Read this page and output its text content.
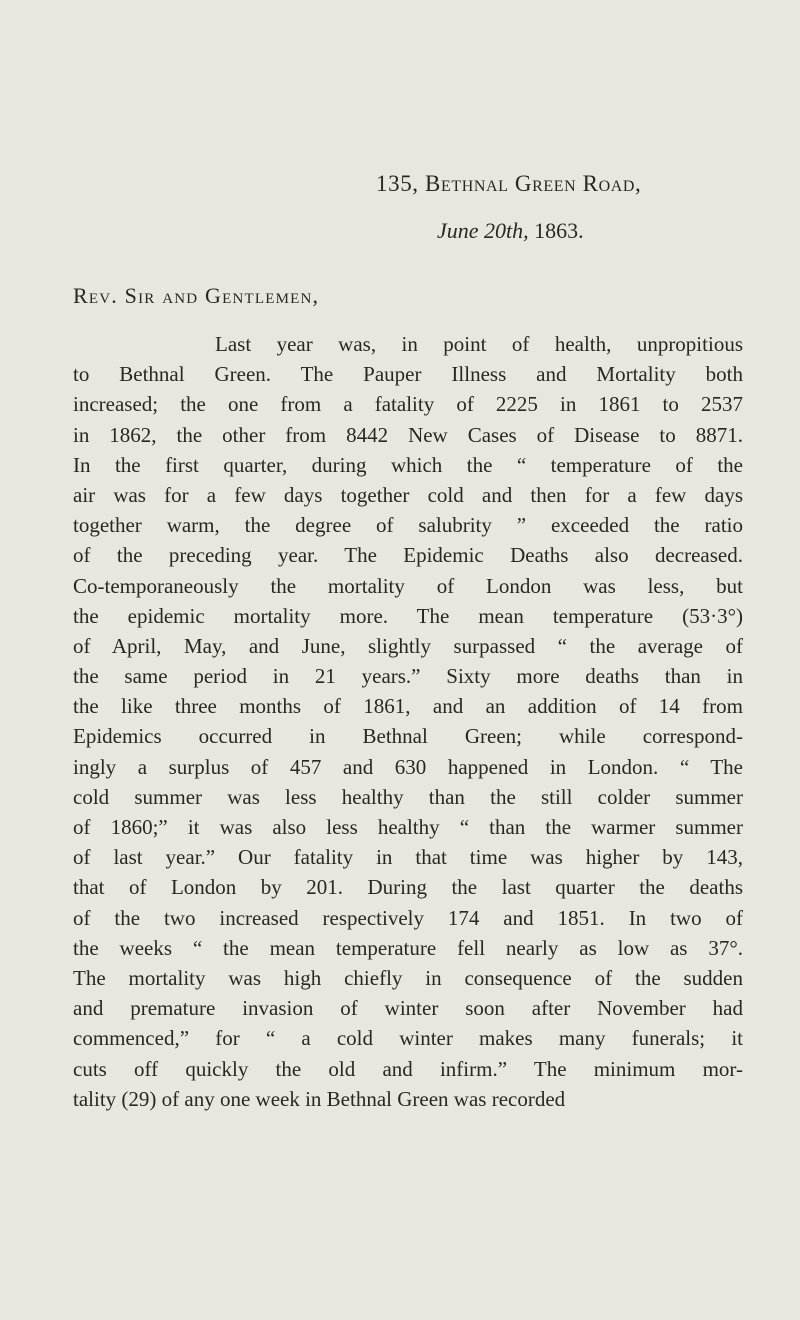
135, Bethnal Green Road,
June 20th, 1863.
Rev. Sir and Gentlemen,
Last year was, in point of health, unpropitious
to Bethnal Green. The Pauper Illness and Mortality both
increased; the one from a fatality of 2225 in 1861 to 2537
in 1862, the other from 8442 New Cases of Disease to 8871.
In the first quarter, during which the “ temperature of the
air was for a few days together cold and then for a few days
together warm, the degree of salubrity ” exceeded the ratio
of the preceding year. The Epidemic Deaths also decreased.
Co-temporaneously the mortality of London was less, but
the epidemic mortality more. The mean temperature (53·3°)
of April, May, and June, slightly surpassed “ the average of
the same period in 21 years.” Sixty more deaths than in
the like three months of 1861, and an addition of 14 from
Epidemics occurred in Bethnal Green; while correspond-
ingly a surplus of 457 and 630 happened in London. “ The
cold summer was less healthy than the still colder summer
of 1860;” it was also less healthy “ than the warmer summer
of last year.” Our fatality in that time was higher by 143,
that of London by 201. During the last quarter the deaths
of the two increased respectively 174 and 1851. In two of
the weeks “ the mean temperature fell nearly as low as 37°.
The mortality was high chiefly in consequence of the sudden
and premature invasion of winter soon after November had
commenced,” for “ a cold winter makes many funerals; it
cuts off quickly the old and infirm.” The minimum mor-
tality (29) of any one week in Bethnal Green was recorded
